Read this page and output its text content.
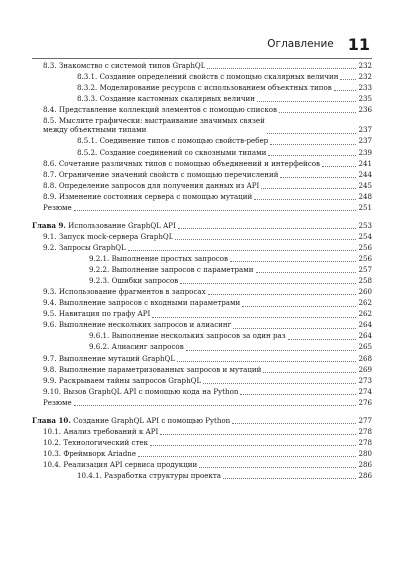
Оглавление 11
8.3. Знакомство с системой типов GraphQL	232
8.3.1. Создание определений свойств с помощью скалярных величин	232
8.3.2. Моделирование ресурсов с использованием объектных типов	233
8.3.3. Создание кастомных скалярных величин	235
8.4. Представление коллекций элементов с помощью списков	236
8.5. Мыслите графически: выстраивание значимых связей
между объектными типами	237
8.5.1. Соединение типов с помощью свойств-ребер	237
8.5.2. Создание соединений со сквозными типами	239
8.6. Сочетание различных типов с помощью объединений и интерфейсов	241
8.7. Ограничение значений свойств с помощью перечислений	244
8.8. Определение запросов для получения данных из API	245
8.9. Изменение состояния сервера с помощью мутаций	248
Резюме	251
Глава 9. Использование GraphQL API	253
9.1. Запуск mock-сервера GraphQL	254
9.2. Запросы GraphQL	256
9.2.1. Выполнение простых запросов	256
9.2.2. Выполнение запросов с параметрами	257
9.2.3. Ошибки запросов	258
9.3. Использование фрагментов в запросах	260
9.4. Выполнение запросов с входными параметрами	262
9.5. Навигация по графу API	262
9.6. Выполнение нескольких запросов и алиасинг	264
9.6.1. Выполнение нескольких запросов за один раз	264
9.6.2. Алиасинг запросов	265
9.7. Выполнение мутаций GraphQL	268
9.8. Выполнение параметризованных запросов и мутаций	269
9.9. Раскрываем тайны запросов GraphQL	273
9.10. Вызов GraphQL API с помощью кода на Python	274
Резюме	276
Глава 10. Создание GraphQL API с помощью Python	277
10.1. Анализ требований к API	278
10.2. Технологический стек	278
10.3. Фреймворк Ariadne	280
10.4. Реализация API сервиса продукции	286
10.4.1. Разработка структуры проекта	286
